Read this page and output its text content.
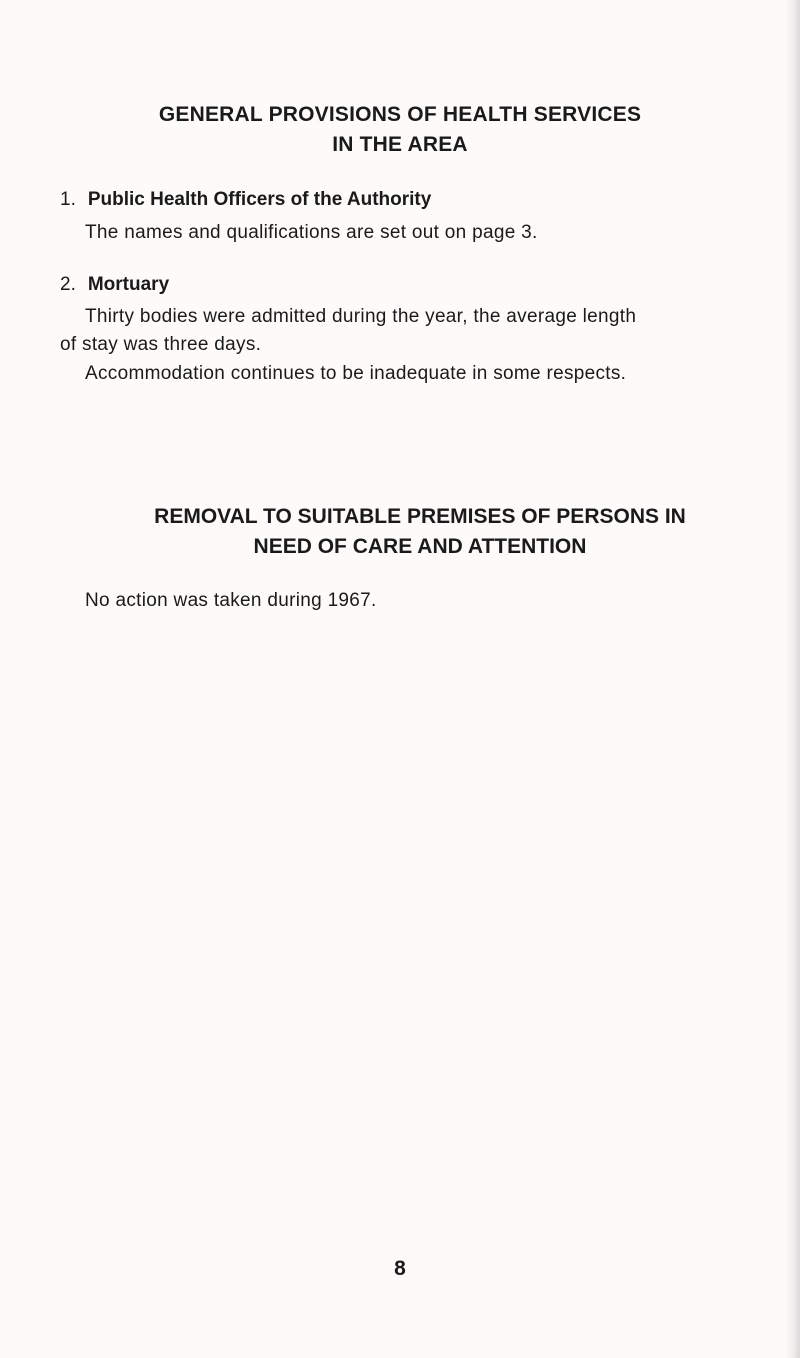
GENERAL PROVISIONS OF HEALTH SERVICES
IN THE AREA
1. Public Health Officers of the Authority
The names and qualifications are set out on page 3.
2. Mortuary
Thirty bodies were admitted during the year, the average length
of stay was three days.
Accommodation continues to be inadequate in some respects.
REMOVAL TO SUITABLE PREMISES OF PERSONS IN
NEED OF CARE AND ATTENTION
No action was taken during 1967.
8
